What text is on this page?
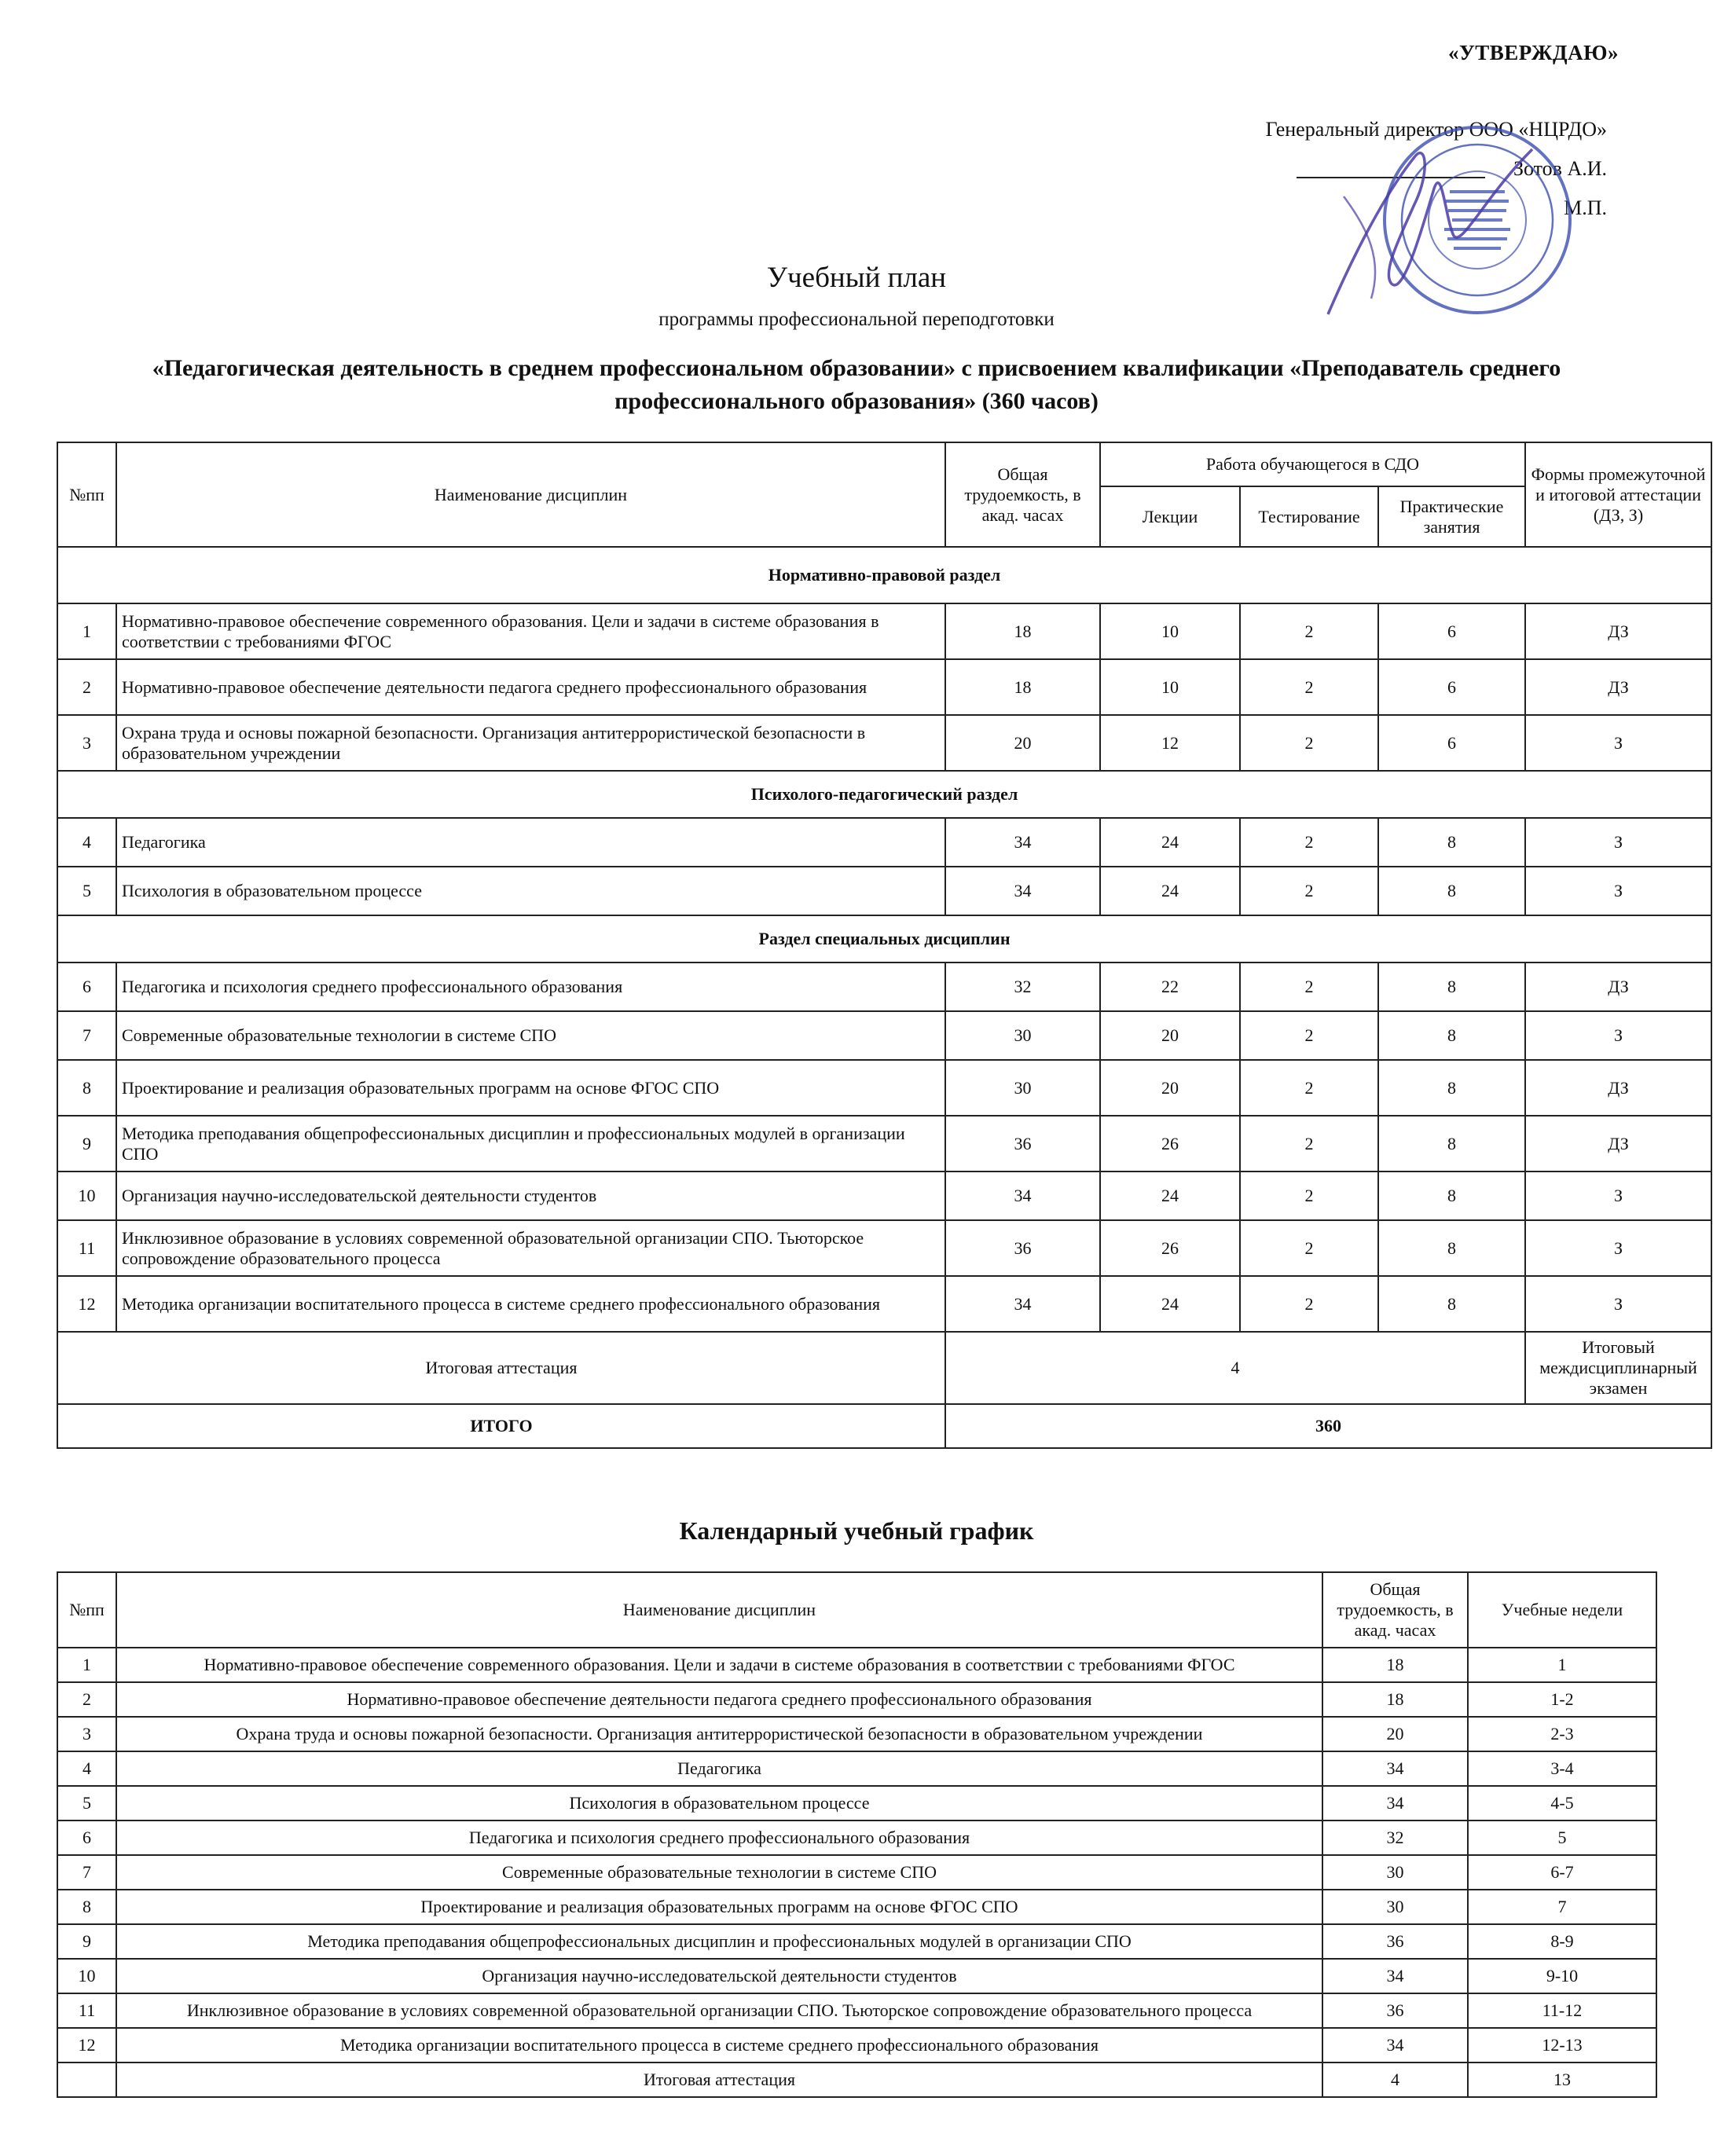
«УТВЕРЖДАЮ»
Генеральный директор ООО «НЦРДО»
Зотов А.И.
М.П.
Учебный план
программы профессиональной переподготовки
«Педагогическая деятельность в среднем профессиональном образовании» с присвоением квалификации «Преподаватель среднего профессионального образования» (360 часов)
№пп	Наименование дисциплин	Общая трудоемкость, в акад. часах	Работа обучающегося в СДО			Формы промежуточной и итоговой аттестации (ДЗ, З)
			Лекции	Тестирование	Практические занятия	
Нормативно-правовой раздел						
1	Нормативно-правовое обеспечение современного образования. Цели и задачи в системе образования в соответствии с требованиями ФГОС	18	10	2	6	ДЗ
2	Нормативно-правовое обеспечение деятельности педагога среднего профессионального образования	18	10	2	6	ДЗ
3	Охрана труда и основы пожарной безопасности. Организация антитеррористической безопасности в образовательном учреждении	20	12	2	6	З
Психолого-педагогический раздел						
4	Педагогика	34	24	2	8	З
5	Психология в образовательном процессе	34	24	2	8	З
Раздел специальных дисциплин						
6	Педагогика и психология среднего профессионального образования	32	22	2	8	ДЗ
7	Современные образовательные технологии в системе СПО	30	20	2	8	З
8	Проектирование и реализация образовательных программ на основе ФГОС СПО	30	20	2	8	ДЗ
9	Методика преподавания общепрофессиональных дисциплин и профессиональных модулей в организации СПО	36	26	2	8	ДЗ
10	Организация научно-исследовательской деятельности студентов	34	24	2	8	З
11	Инклюзивное образование в условиях современной образовательной организации СПО. Тьюторское сопровождение образовательного процесса	36	26	2	8	З
12	Методика организации воспитательного процесса в системе среднего профессионального образования	34	24	2	8	З
Итоговая аттестация		4				Итоговый междисциплинарный экзамен
ИТОГО		360				
Календарный учебный график
№пп	Наименование дисциплин	Общая трудоемкость, в акад. часах	Учебные недели
1	Нормативно-правовое обеспечение современного образования. Цели и задачи в системе образования в соответствии с требованиями ФГОС	18	1
2	Нормативно-правовое обеспечение деятельности педагога среднего профессионального образования	18	1-2
3	Охрана труда и основы пожарной безопасности. Организация антитеррористической безопасности в образовательном учреждении	20	2-3
4	Педагогика	34	3-4
5	Психология в образовательном процессе	34	4-5
6	Педагогика и психология среднего профессионального образования	32	5
7	Современные образовательные технологии в системе СПО	30	6-7
8	Проектирование и реализация образовательных программ на основе ФГОС СПО	30	7
9	Методика преподавания общепрофессиональных дисциплин и профессиональных модулей в организации СПО	36	8-9
10	Организация научно-исследовательской деятельности студентов	34	9-10
11	Инклюзивное образование в условиях современной образовательной организации СПО. Тьюторское сопровождение образовательного процесса	36	11-12
12	Методика организации воспитательного процесса в системе среднего профессионального образования	34	12-13
	Итоговая аттестация	4	13
